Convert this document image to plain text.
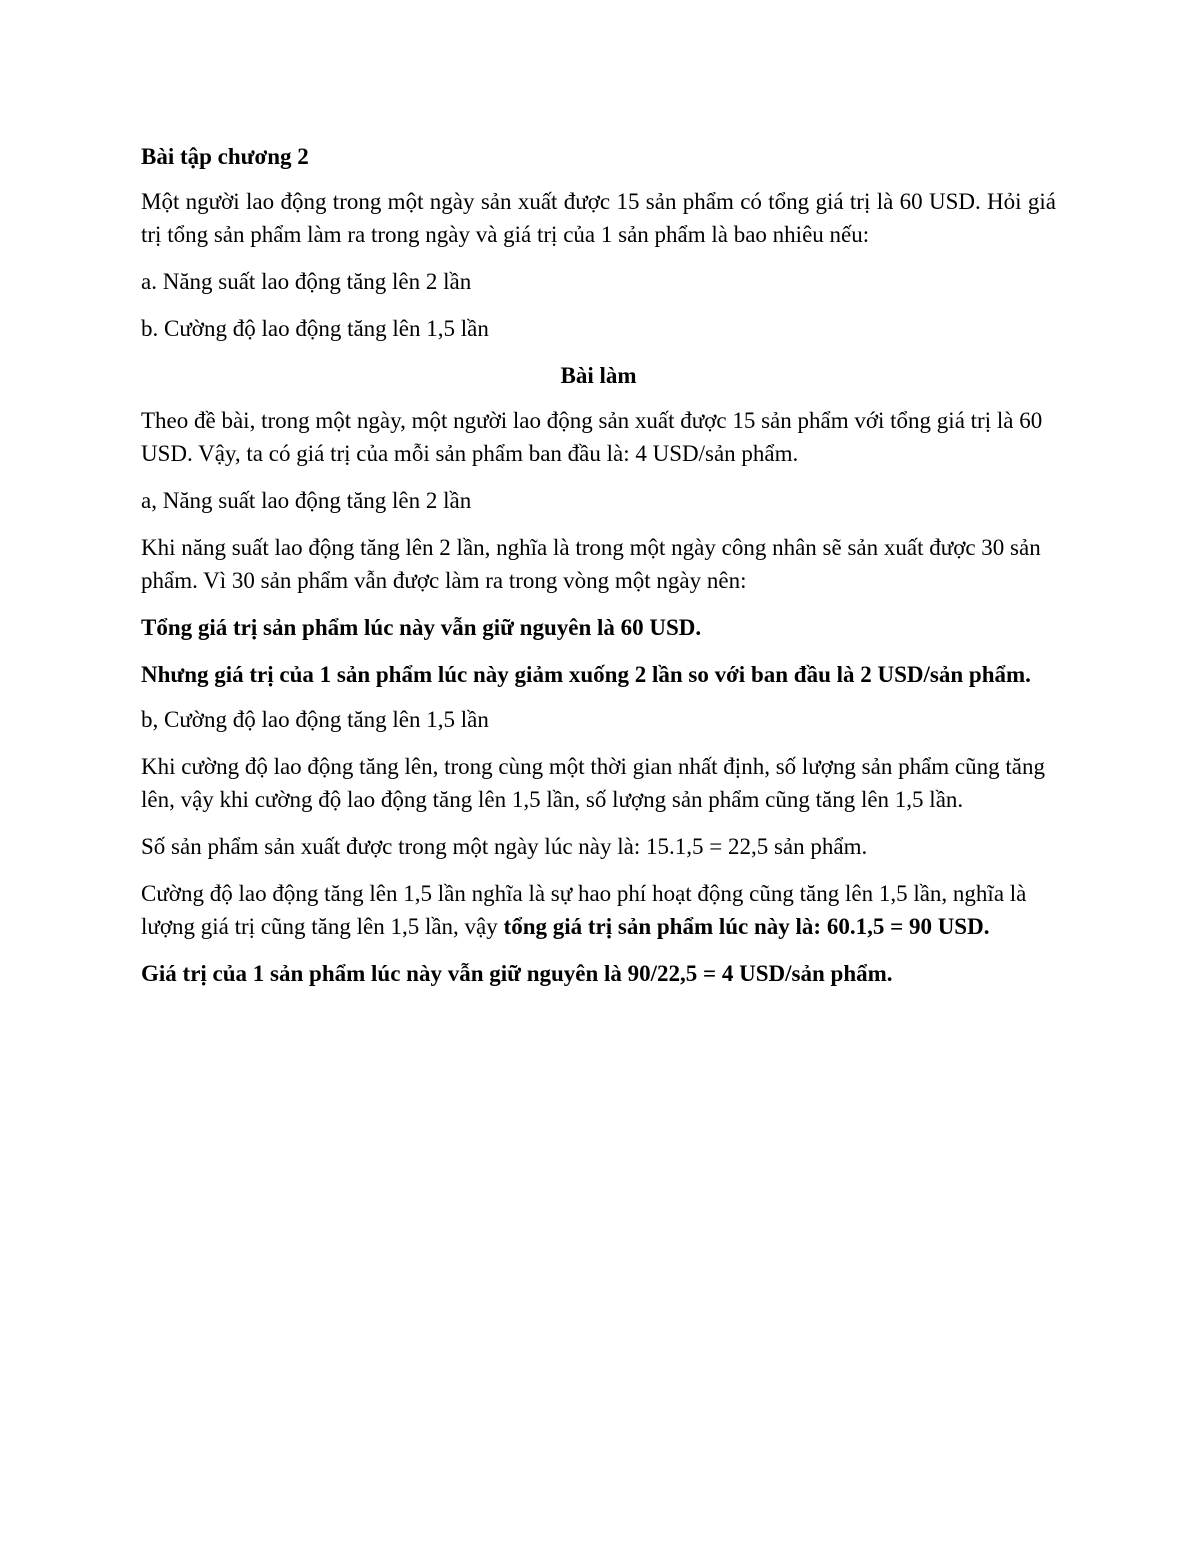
Bài tập chương 2

Một người lao động trong một ngày sản xuất được 15 sản phẩm có tổng giá trị là 60 USD. Hỏi giá trị tổng sản phẩm làm ra trong ngày và giá trị của 1 sản phẩm là bao nhiêu nếu:

a. Năng suất lao động tăng lên 2 lần

b. Cường độ lao động tăng lên 1,5 lần

Bài làm

Theo đề bài, trong một ngày, một người lao động sản xuất được 15 sản phẩm với tổng giá trị là 60 USD. Vậy, ta có giá trị của mỗi sản phẩm ban đầu là: 4 USD/sản phẩm.

a, Năng suất lao động tăng lên 2 lần

Khi năng suất lao động tăng lên 2 lần, nghĩa là trong một ngày công nhân sẽ sản xuất được 30 sản phẩm. Vì 30 sản phẩm vẫn được làm ra trong vòng một ngày nên:

Tổng giá trị sản phẩm lúc này vẫn giữ nguyên là 60 USD.

Nhưng giá trị của 1 sản phẩm lúc này giảm xuống 2 lần so với ban đầu là 2 USD/sản phẩm.

b, Cường độ lao động tăng lên 1,5 lần

Khi cường độ lao động tăng lên, trong cùng một thời gian nhất định, số lượng sản phẩm cũng tăng lên, vậy khi cường độ lao động tăng lên 1,5 lần, số lượng sản phẩm cũng tăng lên 1,5 lần.

Số sản phẩm sản xuất được trong một ngày lúc này là: 15.1,5 = 22,5 sản phẩm.

Cường độ lao động tăng lên 1,5 lần nghĩa là sự hao phí hoạt động cũng tăng lên 1,5 lần, nghĩa là lượng giá trị cũng tăng lên 1,5 lần, vậy tổng giá trị sản phẩm lúc này là: 60.1,5 = 90 USD.

Giá trị của 1 sản phẩm lúc này vẫn giữ nguyên là 90/22,5 = 4 USD/sản phẩm.
